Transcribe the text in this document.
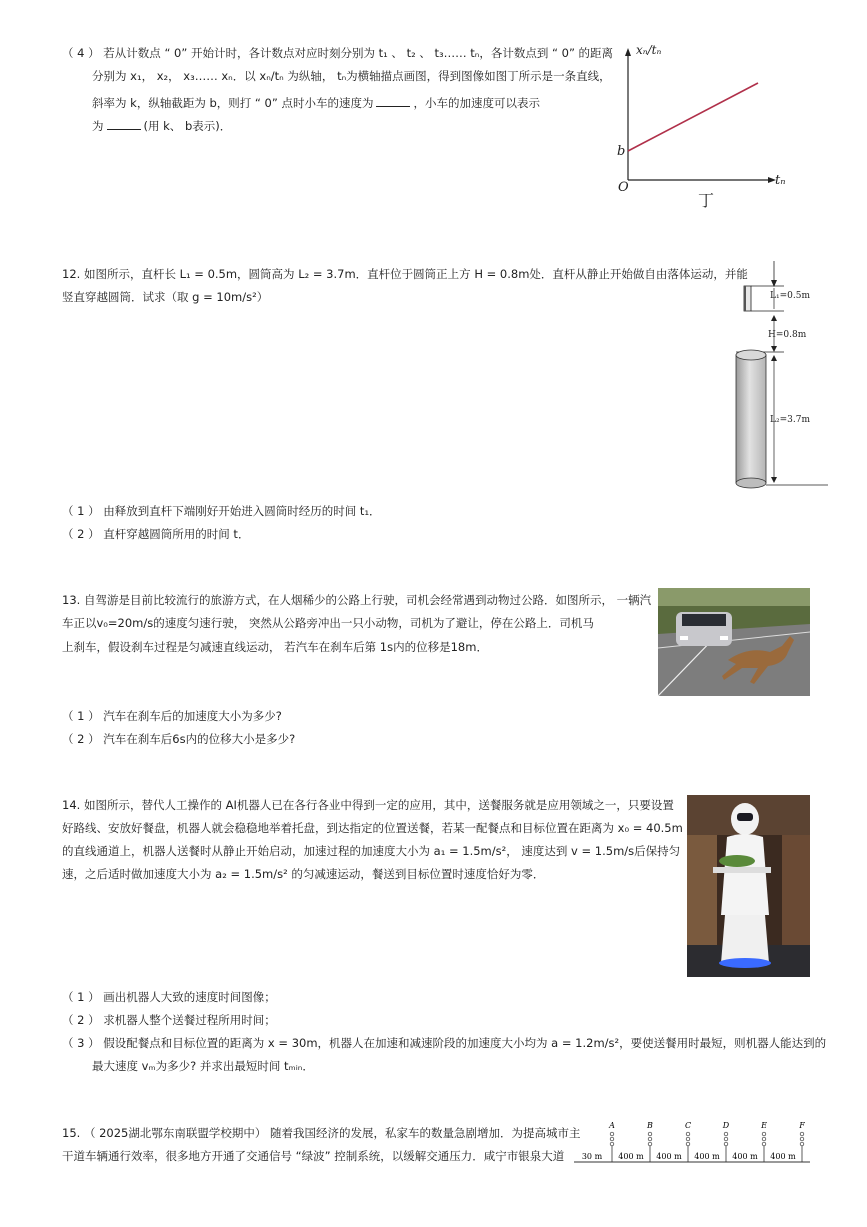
（ 4 ） 若从计数点 “ 0” 开始计时，各计数点对应时刻分别为 t₁ 、 t₂ 、 t₃…… tₙ，各计数点到 “ 0” 的距离
分别为 x₁， x₂， x₃…… xₙ．以 xₙ/tₙ 为纵轴， tₙ为横轴描点画图，得到图像如图丁所示是一条直线，
斜率为 k，纵轴截距为 b，则打 “ 0” 点时小车的速度为	，小车的加速度可以表示
为	(用 k、 b表示)．
xₙ/tₙ
tₙ
O
b
丁
12. 如图所示，直杆长 L₁ = 0.5m，圆筒高为 L₂ = 3.7m．直杆位于圆筒正上方 H = 0.8m处．直杆从静止开始做自由落体运动，并能
竖直穿越圆筒．试求（取 g = 10m/s²）
（ 1 ） 由释放到直杆下端刚好开始进入圆筒时经历的时间 t₁．
（ 2 ） 直杆穿越圆筒所用的时间 t．
L₁=0.5m
H=0.8m
L₂=3.7m
13. 自驾游是目前比较流行的旅游方式，在人烟稀少的公路上行驶，司机会经常遇到动物过公路．如图所示， 一辆汽
车正以v₀=20m/s的速度匀速行驶， 突然从公路旁冲出一只小动物，司机为了避让，停在公路上．司机马
上刹车，假设刹车过程是匀减速直线运动， 若汽车在刹车后第 1s内的位移是18m．
（ 1 ） 汽车在刹车后的加速度大小为多少?
（ 2 ） 汽车在刹车后6s内的位移大小是多少?
14. 如图所示，替代人工操作的 AI机器人已在各行各业中得到一定的应用，其中，送餐服务就是应用领域之一，只要设置
好路线、安放好餐盘，机器人就会稳稳地举着托盘，到达指定的位置送餐，若某一配餐点和目标位置在距离为 x₀ = 40.5m
的直线通道上，机器人送餐时从静止开始启动，加速过程的加速度大小为 a₁ = 1.5m/s²， 速度达到 v = 1.5m/s后保持匀
速，之后适时做加速度大小为 a₂ = 1.5m/s² 的匀减速运动，餐送到目标位置时速度恰好为零．
（ 1 ） 画出机器人大致的速度时间图像；
（ 2 ） 求机器人整个送餐过程所用时间；
（ 3 ） 假设配餐点和目标位置的距离为 x = 30m，机器人在加速和减速阶段的加速度大小均为 a = 1.2m/s²，要使送餐用时最短，则机器人能达到的
最大速度 vₘ为多少? 并求出最短时间 tₘᵢₙ．
15. （ 2025湖北鄂东南联盟学校期中） 随着我国经济的发展，私家车的数量急剧增加．为提高城市主
干道车辆通行效率，很多地方开通了交通信号 “绿波” 控制系统，以缓解交通压力．咸宁市银泉大道
A	B	C	D	E	F
30 m 400 m 400 m 400 m 400 m 400 m
